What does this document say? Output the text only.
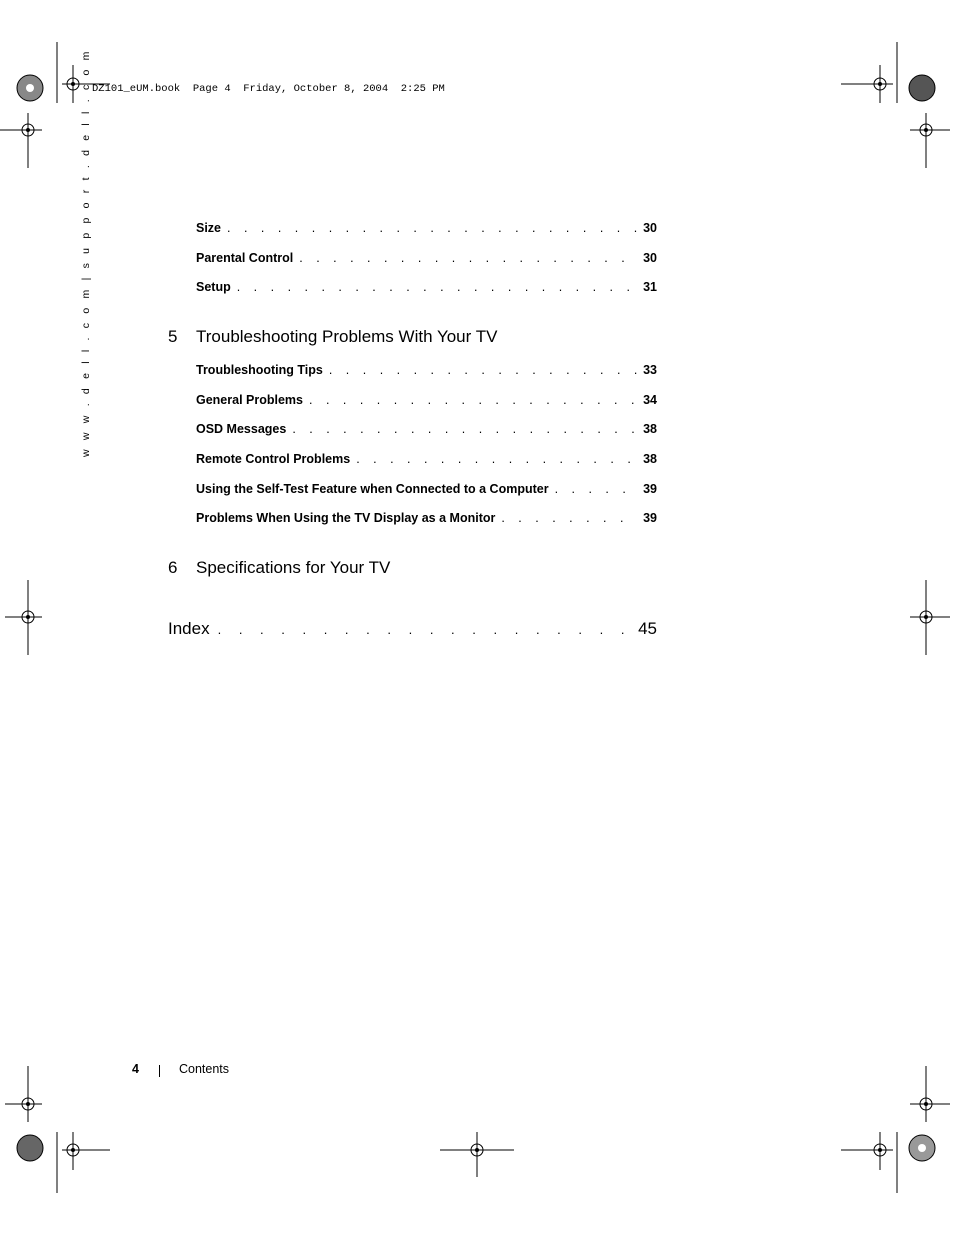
DZ101_eUM.book  Page 4  Friday, October 8, 2004  2:25 PM
w w w . d e l l . c o m | s u p p o r t . d e l l . c o m	Size . . .	30
Parental Control . . .	30
Setup . . .	31
5	Troubleshooting Problems With Your TV
Troubleshooting Tips . . .	33
General Problems . . .	34
OSD Messages . . .	38
Remote Control Problems . . .	38
Using the Self-Test Feature when Connected to a Computer . . .	39
Problems When Using the TV Display as a Monitor . . .	39
6	Specifications for Your TV
Index . . .	45
4	Contents
